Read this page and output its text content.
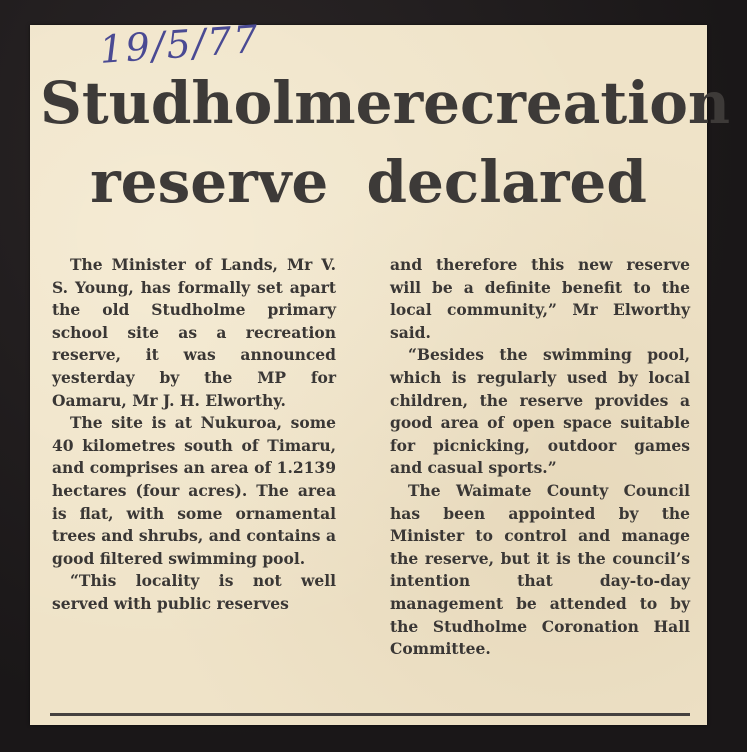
19/5/77
Studholme recreation
reserve declared

The Minister of Lands, Mr V. S. Young, has formally set apart the old Studholme primary school site as a recreation reserve, it was announced yesterday by the MP for Oamaru, Mr J. H. Elworthy.

The site is at Nukuroa, some 40 kilometres south of Timaru, and comprises an area of 1.2139 hectares (four acres). The area is flat, with some ornamental trees and shrubs, and contains a good filtered swimming pool.

“This locality is not well served with public reserves

and therefore this new reserve will be a definite benefit to the local community,” Mr Elworthy said.

“Besides the swimming pool, which is regularly used by local children, the reserve provides a good area of open space suitable for picnicking, outdoor games and casual sports.”

The Waimate County Council has been appointed by the Minister to control and manage the reserve, but it is the council’s intention that day-to-day management be attended to by the Studholme Coronation Hall Committee.
